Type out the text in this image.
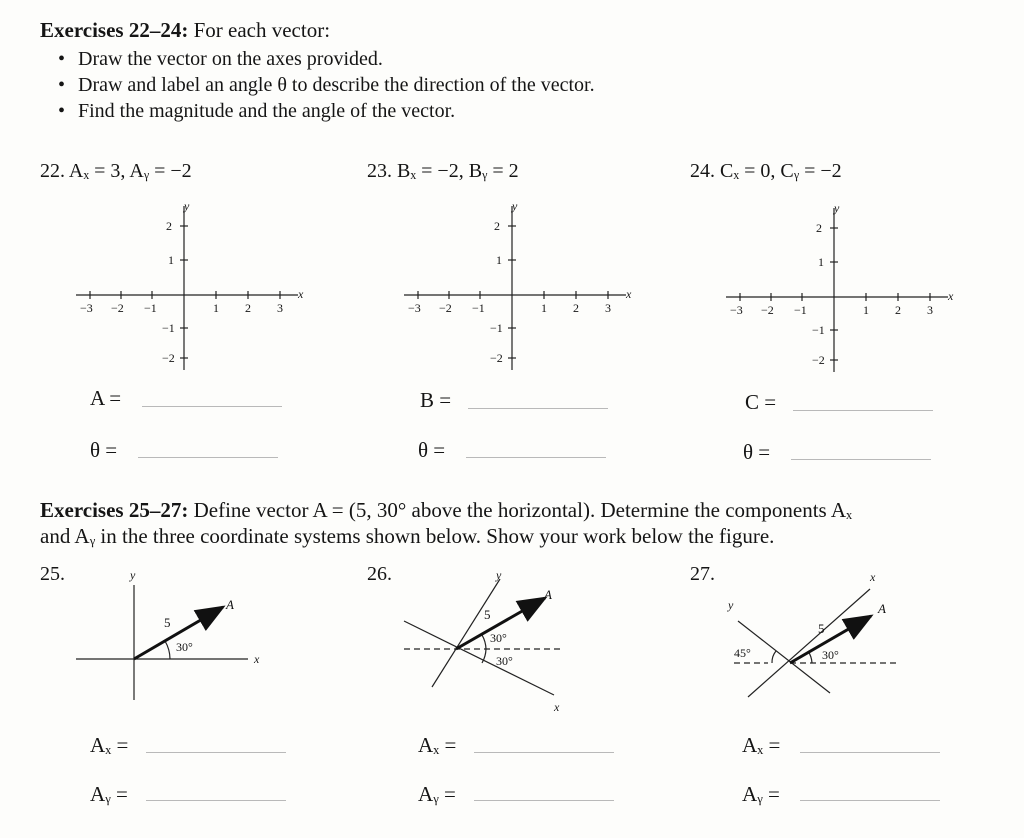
Exercises 22–24: For each vector:
• Draw the vector on the axes provided.
• Draw and label an angle θ to describe the direction of the vector.
• Find the magnitude and the angle of the vector.
22. Aₓ = 3, Aᵧ = −2	23. Bₓ = −2, Bᵧ = 2	24. Cₓ = 0, Cᵧ = −2
x
y
−3 −2 −1	1 2 3
2
1
−1
−2
x
y
−3 −2 −1	1 2 3
2
1
−1
−2
x
y
−3 −2 −1	1 2 3
2
1
−1
−2
A =
θ =
B =
θ =
C =
θ =
Exercises 25–27: Define vector A = (5, 30° above the horizontal). Determine the components Aₓ
and Aᵧ in the three coordinate systems shown below. Show your work below the figure.
25.	26.	27.
x
y
A
5
30°
x
y
A
5
30°
30°
x
y	A
5
30°
45°
Aₓ =
Aᵧ =
Aₓ =
Aᵧ =
Aₓ =
Aᵧ =
